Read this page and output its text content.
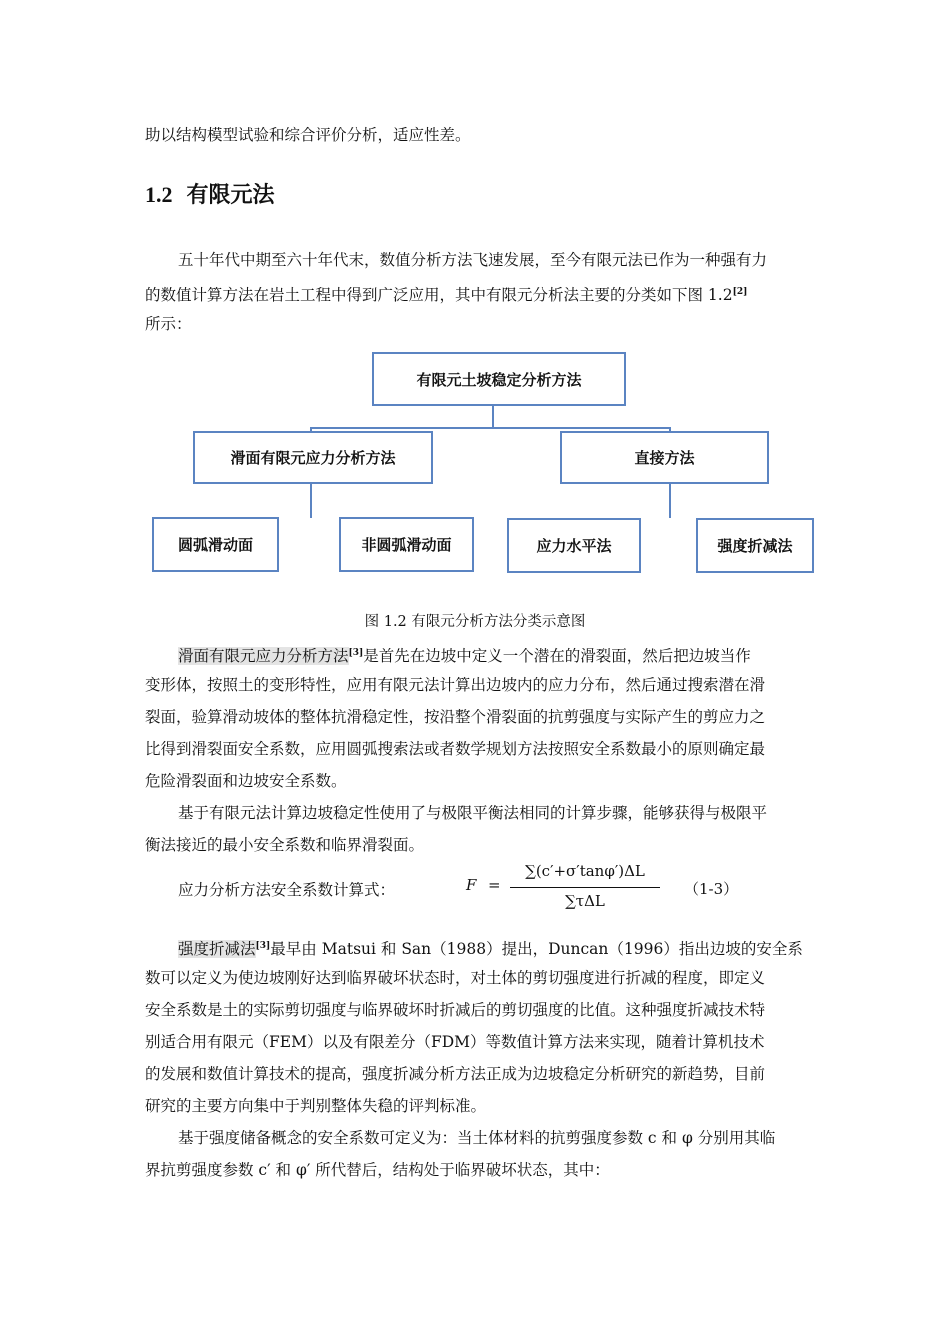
助以结构模型试验和综合评价分析，适应性差。
1.2 有限元法
五十年代中期至六十年代末，数值分析方法飞速发展，至今有限元法已作为一种强有力
的数值计算方法在岩土工程中得到广泛应用，其中有限元分析法主要的分类如下图 1.2[2]
所示：
有限元土坡稳定分析方法
滑面有限元应力分析方法	直接方法
圆弧滑动面	非圆弧滑动面	应力水平法	强度折减法
图 1.2 有限元分析方法分类示意图
滑面有限元应力分析方法[3]是首先在边坡中定义一个潜在的滑裂面，然后把边坡当作
变形体，按照土的变形特性，应用有限元法计算出边坡内的应力分布，然后通过搜索潜在滑
裂面，验算滑动坡体的整体抗滑稳定性，按沿整个滑裂面的抗剪强度与实际产生的剪应力之
比得到滑裂面安全系数，应用圆弧搜索法或者数学规划方法按照安全系数最小的原则确定最
危险滑裂面和边坡安全系数。
基于有限元法计算边坡稳定性使用了与极限平衡法相同的计算步骤，能够获得与极限平
衡法接近的最小安全系数和临界滑裂面。
应力分析方法安全系数计算式：	F =
∑(c′+σ′tanφ′)ΔL
∑τΔL
（1-3）
强度折减法[3]最早由 Matsui 和 San（1988）提出，Duncan（1996）指出边坡的安全系
数可以定义为使边坡刚好达到临界破坏状态时，对土体的剪切强度进行折减的程度，即定义
安全系数是土的实际剪切强度与临界破坏时折减后的剪切强度的比值。这种强度折减技术特
别适合用有限元（FEM）以及有限差分（FDM）等数值计算方法来实现，随着计算机技术
的发展和数值计算技术的提高，强度折减分析方法正成为边坡稳定分析研究的新趋势，目前
研究的主要方向集中于判别整体失稳的评判标准。
基于强度储备概念的安全系数可定义为：当土体材料的抗剪强度参数 c 和 φ 分别用其临
界抗剪强度参数 c′ 和 φ′ 所代替后，结构处于临界破坏状态，其中：
